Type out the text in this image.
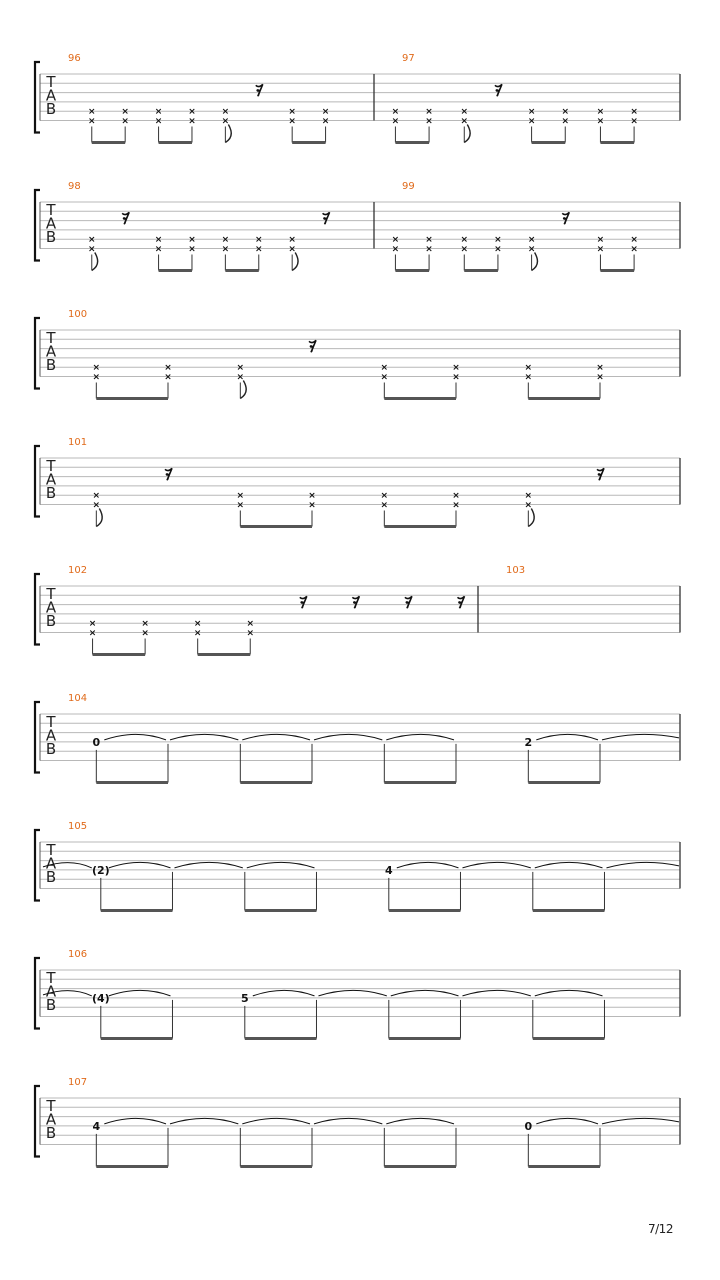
T
A
B
96
×
×
×
×
×
×
×
×
×
×
𝄾
×
×
×
×
97
×
×
×
×
×
×
𝄾
×
×
×
×
×
×
×
×
T
A
B
98
×
×
𝄾
×
×
×
×
×
×
×
×
×
×
𝄾
99
×
×
×
×
×
×
×
×
×
×
𝄾
×
×
×
×
T
A
B
100
×
×
×
×
×
×
𝄾
×
×
×
×
×
×
×
×
T
A
B
101
×
×
𝄾
×
×
×
×
×
×
×
×
×
×
𝄾
T
A
B
102
×
×
×
×
×
×
×
×
𝄾	𝄾	𝄾	𝄾
103
T
A
B
104
0	2
T
A
B
105
(2)	4
T
A
B
106
(4)	5
T
A
B
107
4	0
7/12
